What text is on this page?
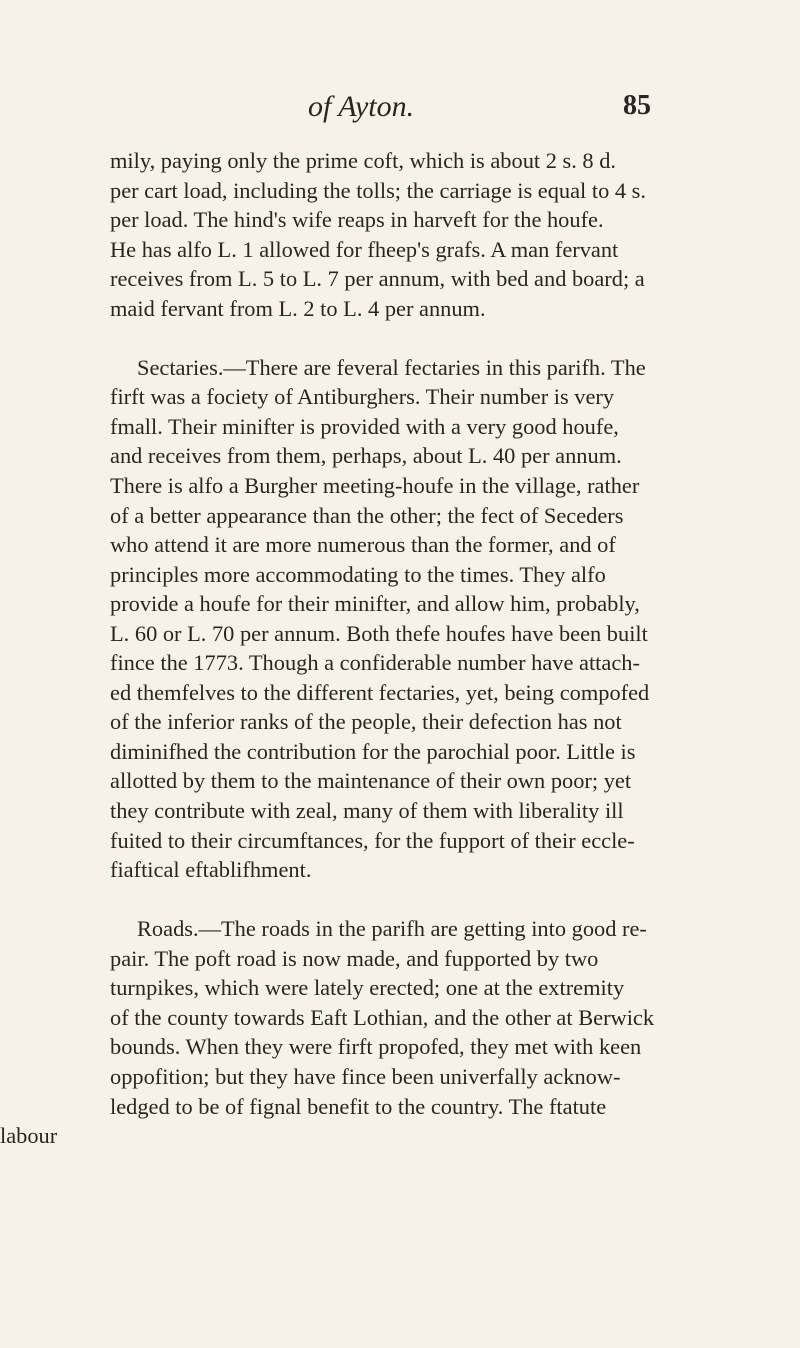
of Ayton.	85
mily, paying only the prime coft, which is about 2 s. 8 d.
per cart load, including the tolls; the carriage is equal to 4 s.
per load. The hind's wife reaps in harveft for the houfe.
He has alfo L. 1 allowed for fheep's grafs. A man fervant
receives from L. 5 to L. 7 per annum, with bed and board; a
maid fervant from L. 2 to L. 4 per annum.
Sectaries.—There are feveral fectaries in this parifh. The
firft was a fociety of Antiburghers. Their number is very
fmall. Their minifter is provided with a very good houfe,
and receives from them, perhaps, about L. 40 per annum.
There is alfo a Burgher meeting-houfe in the village, rather
of a better appearance than the other; the fect of Seceders
who attend it are more numerous than the former, and of
principles more accommodating to the times. They alfo
provide a houfe for their minifter, and allow him, probably,
L. 60 or L. 70 per annum. Both thefe houfes have been built
fince the 1773. Though a confiderable number have attach-
ed themfelves to the different fectaries, yet, being compofed
of the inferior ranks of the people, their defection has not
diminifhed the contribution for the parochial poor. Little is
allotted by them to the maintenance of their own poor; yet
they contribute with zeal, many of them with liberality ill
fuited to their circumftances, for the fupport of their eccle-
fiaftical eftablifhment.
Roads.—The roads in the parifh are getting into good re-
pair. The poft road is now made, and fupported by two
turnpikes, which were lately erected; one at the extremity
of the county towards Eaft Lothian, and the other at Berwick
bounds. When they were firft propofed, they met with keen
oppofition; but they have fince been univerfally acknow-
ledged to be of fignal benefit to the country. The ftatute
labour
